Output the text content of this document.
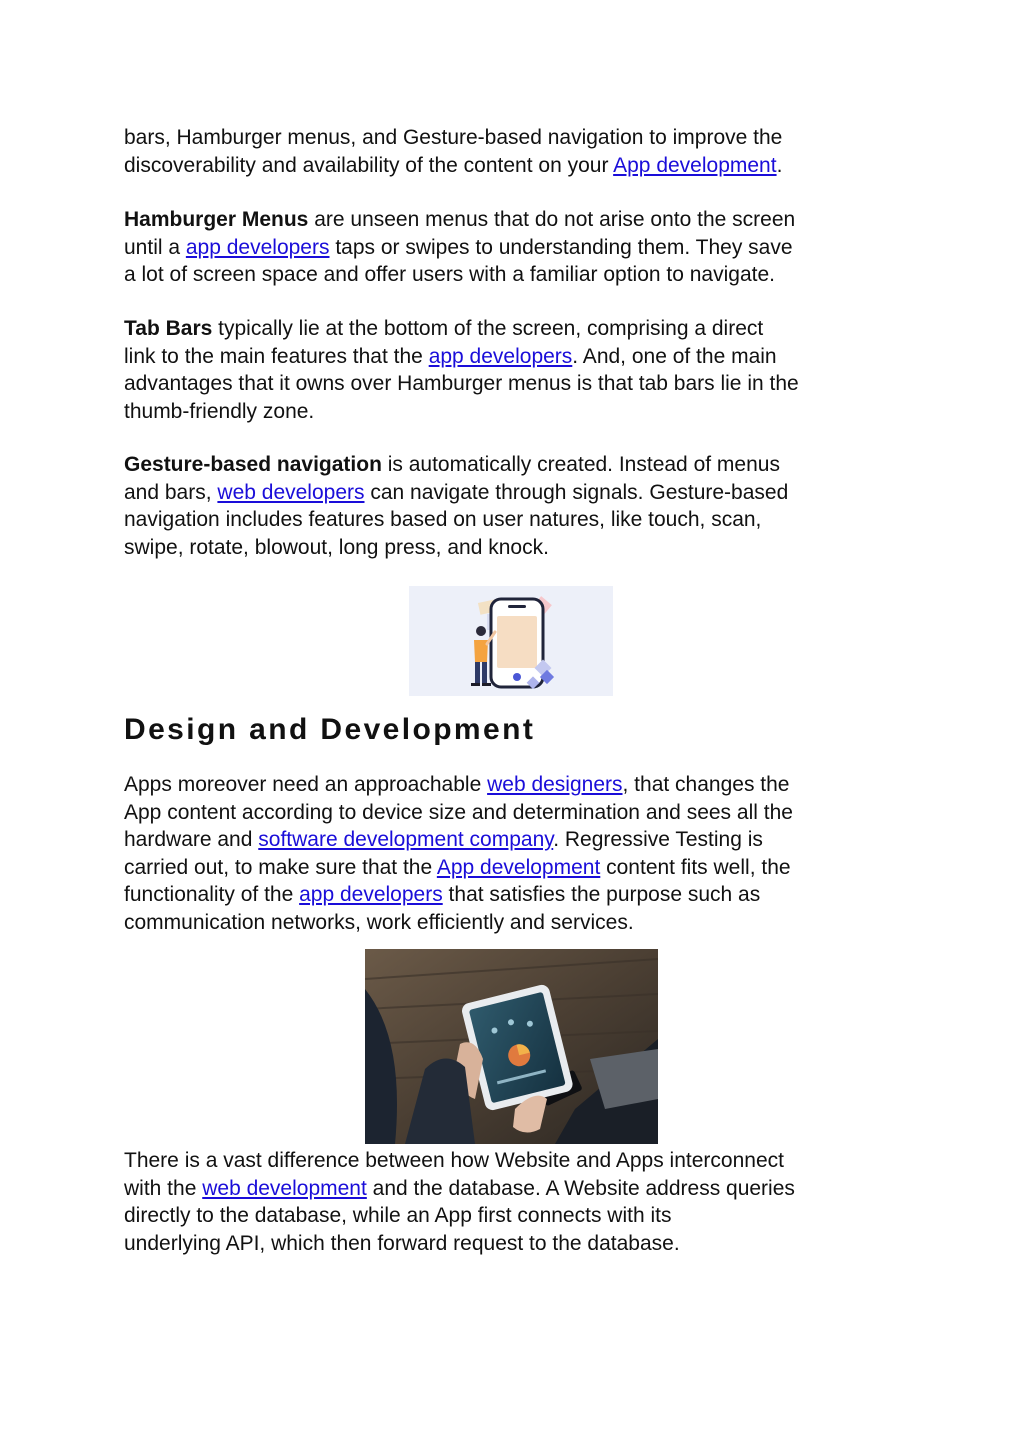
bars, Hamburger menus, and Gesture-based navigation to improve the
discoverability and availability of the content on your App development.
Hamburger Menus are unseen menus that do not arise onto the screen
until a app developers taps or swipes to understanding them. They save
a lot of screen space and offer users with a familiar option to navigate.
Tab Bars typically lie at the bottom of the screen, comprising a direct
link to the main features that the app developers. And, one of the main
advantages that it owns over Hamburger menus is that tab bars lie in the
thumb-friendly zone.
Gesture-based navigation is automatically created. Instead of menus
and bars, web developers can navigate through signals. Gesture-based
navigation includes features based on user natures, like touch, scan,
swipe, rotate, blowout, long press, and knock.
Design and Development
Apps moreover need an approachable web designers, that changes the
App content according to device size and determination and sees all the
hardware and software development company. Regressive Testing is
carried out, to make sure that the App development content fits well, the
functionality of the app developers that satisfies the purpose such as
communication networks, work efficiently and services.
There is a vast difference between how Website and Apps interconnect
with the web development and the database. A Website address queries
directly to the database, while an App first connects with its
underlying API, which then forward request to the database.
